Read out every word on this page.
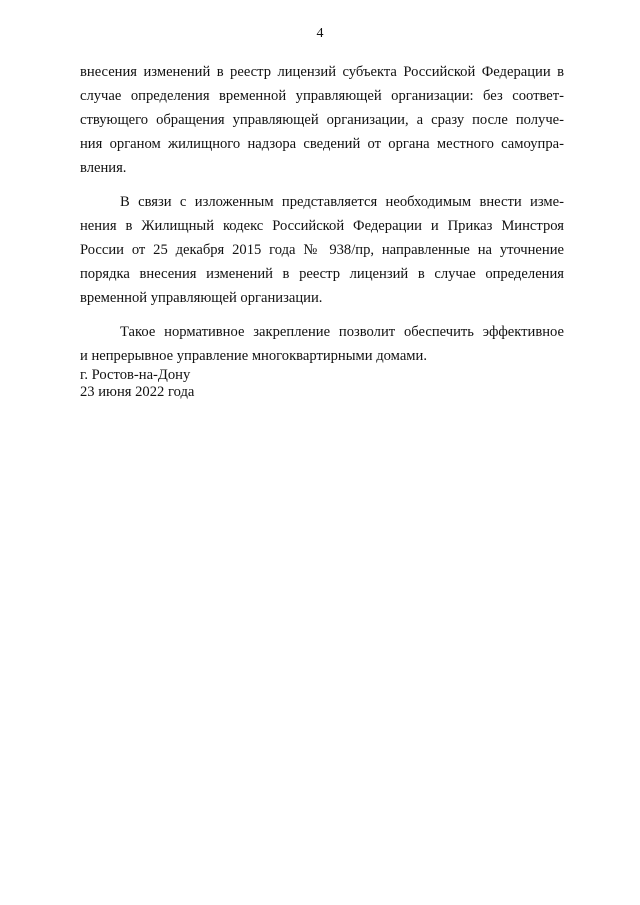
4
внесения изменений в реестр лицензий субъекта Российской Федерации в
случае определения временной управляющей организации: без соответ-
ствующего обращения управляющей организации, а сразу после получе-
ния органом жилищного надзора сведений от органа местного самоупра-
вления.
В связи с изложенным представляется необходимым внести изме-
нения в Жилищный кодекс Российской Федерации и Приказ Минстроя
России от 25 декабря 2015 года № 938/пр, направленные на уточнение
порядка внесения изменений в реестр лицензий в случае определения
временной управляющей организации.
Такое нормативное закрепление позволит обеспечить эффективное
и непрерывное управление многоквартирными домами.
г. Ростов-на-Дону
23 июня 2022 года
